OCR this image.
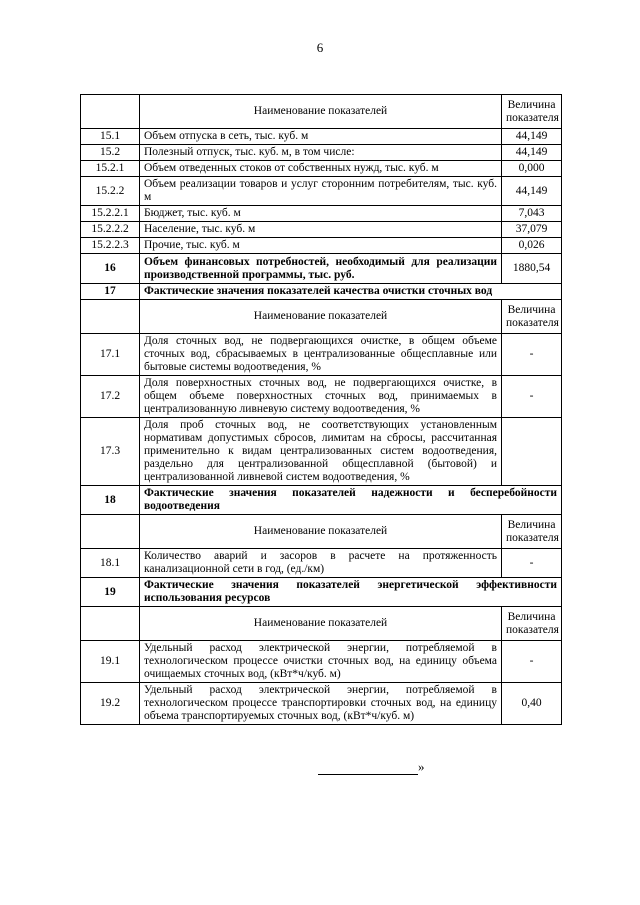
6
	Наименование показателей	Величина показателя
15.1	Объем отпуска в сеть, тыс. куб. м	44,149
15.2	Полезный отпуск, тыс. куб. м, в том числе:	44,149
15.2.1	Объем отведенных стоков от собственных нужд, тыс. куб. м	0,000
15.2.2	Объем реализации товаров и услуг сторонним потребителям, тыс. куб. м	44,149
15.2.2.1	Бюджет, тыс. куб. м	7,043
15.2.2.2	Население, тыс. куб. м	37,079
15.2.2.3	Прочие, тыс. куб. м	0,026
16	Объем финансовых потребностей, необходимый для реализации производственной программы, тыс. руб.	1880,54
17	Фактические значения показателей качества очистки сточных вод	
	Наименование показателей	Величина показателя
17.1	Доля сточных вод, не подвергающихся очистке, в общем объеме сточных вод, сбрасываемых в централизованные общесплавные или бытовые системы водоотведения, %	-
17.2	Доля поверхностных сточных вод, не подвергающихся очистке, в общем объеме поверхностных сточных вод, принимаемых в централизованную ливневую систему водоотведения, %	-
17.3	Доля проб сточных вод, не соответствующих установленным нормативам допустимых сбросов, лимитам на сбросы, рассчитанная применительно к видам централизованных систем водоотведения, раздельно для централизованной общесплавной (бытовой) и централизованной ливневой систем водоотведения, %	
18	Фактические значения показателей надежности и бесперебойности водоотведения	
	Наименование показателей	Величина показателя
18.1	Количество аварий и засоров в расчете на протяженность канализационной сети в год, (ед./км)	-
19	Фактические значения показателей энергетической эффективности использования ресурсов	
	Наименование показателей	Величина показателя
19.1	Удельный расход электрической энергии, потребляемой в технологическом процессе очистки сточных вод, на единицу объема очищаемых сточных вод, (кВт*ч/куб. м)	-
19.2	Удельный расход электрической энергии, потребляемой в технологическом процессе транспортировки сточных вод, на единицу объема транспортируемых сточных вод, (кВт*ч/куб. м)	0,40
»
